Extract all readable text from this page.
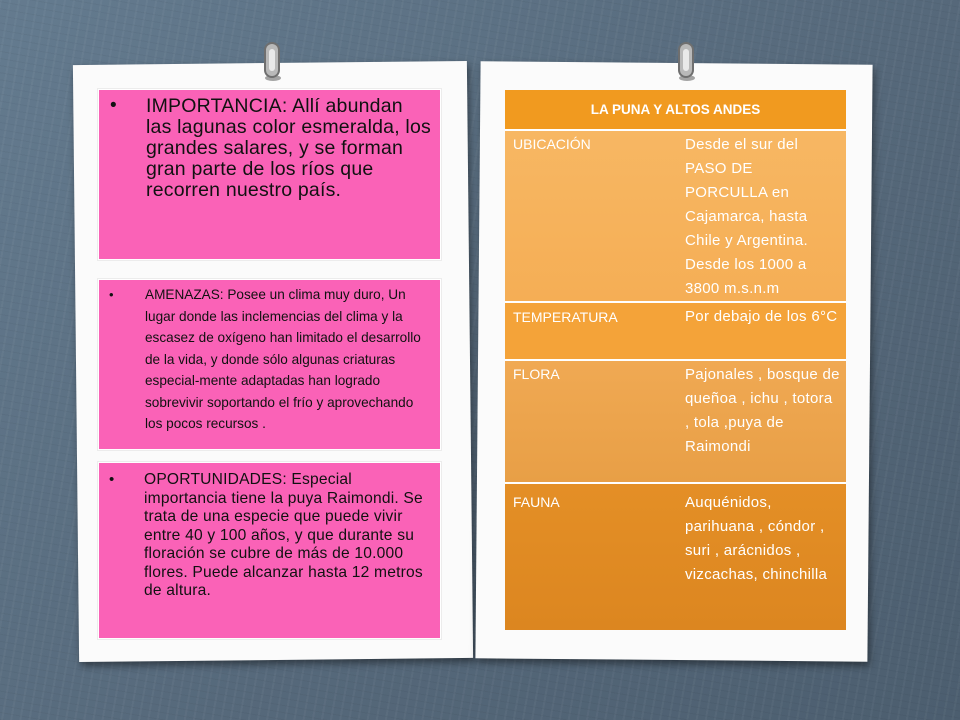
•	IMPORTANCIA: Allí abundan las lagunas color esmeralda, los grandes salares, y se forman gran parte de los ríos que recorren nuestro país.
•	AMENAZAS: Posee un clima muy duro, Un lugar donde las inclemencias del clima y la escasez de oxígeno han limitado el desarrollo de la vida, y donde sólo algunas criaturas especial-mente adaptadas han logrado sobrevivir soportando el frío y aprovechando los pocos recursos .
•	OPORTUNIDADES: Especial importancia tiene la puya Raimondi. Se trata de una especie que puede vivir entre 40 y 100 años, y que durante su floración se cubre de más de 10.000 flores. Puede alcanzar hasta 12 metros de altura.
LA PUNA Y ALTOS ANDES	
UBICACIÓN	Desde el sur del PASO DE PORCULLA en Cajamarca, hasta Chile y Argentina. Desde los 1000 a 3800 m.s.n.m
TEMPERATURA	Por debajo de los 6°C
FLORA	Pajonales , bosque de queñoa , ichu , totora , tola ,puya de Raimondi
FAUNA	Auquénidos, parihuana , cóndor , suri , arácnidos , vizcachas, chinchilla
